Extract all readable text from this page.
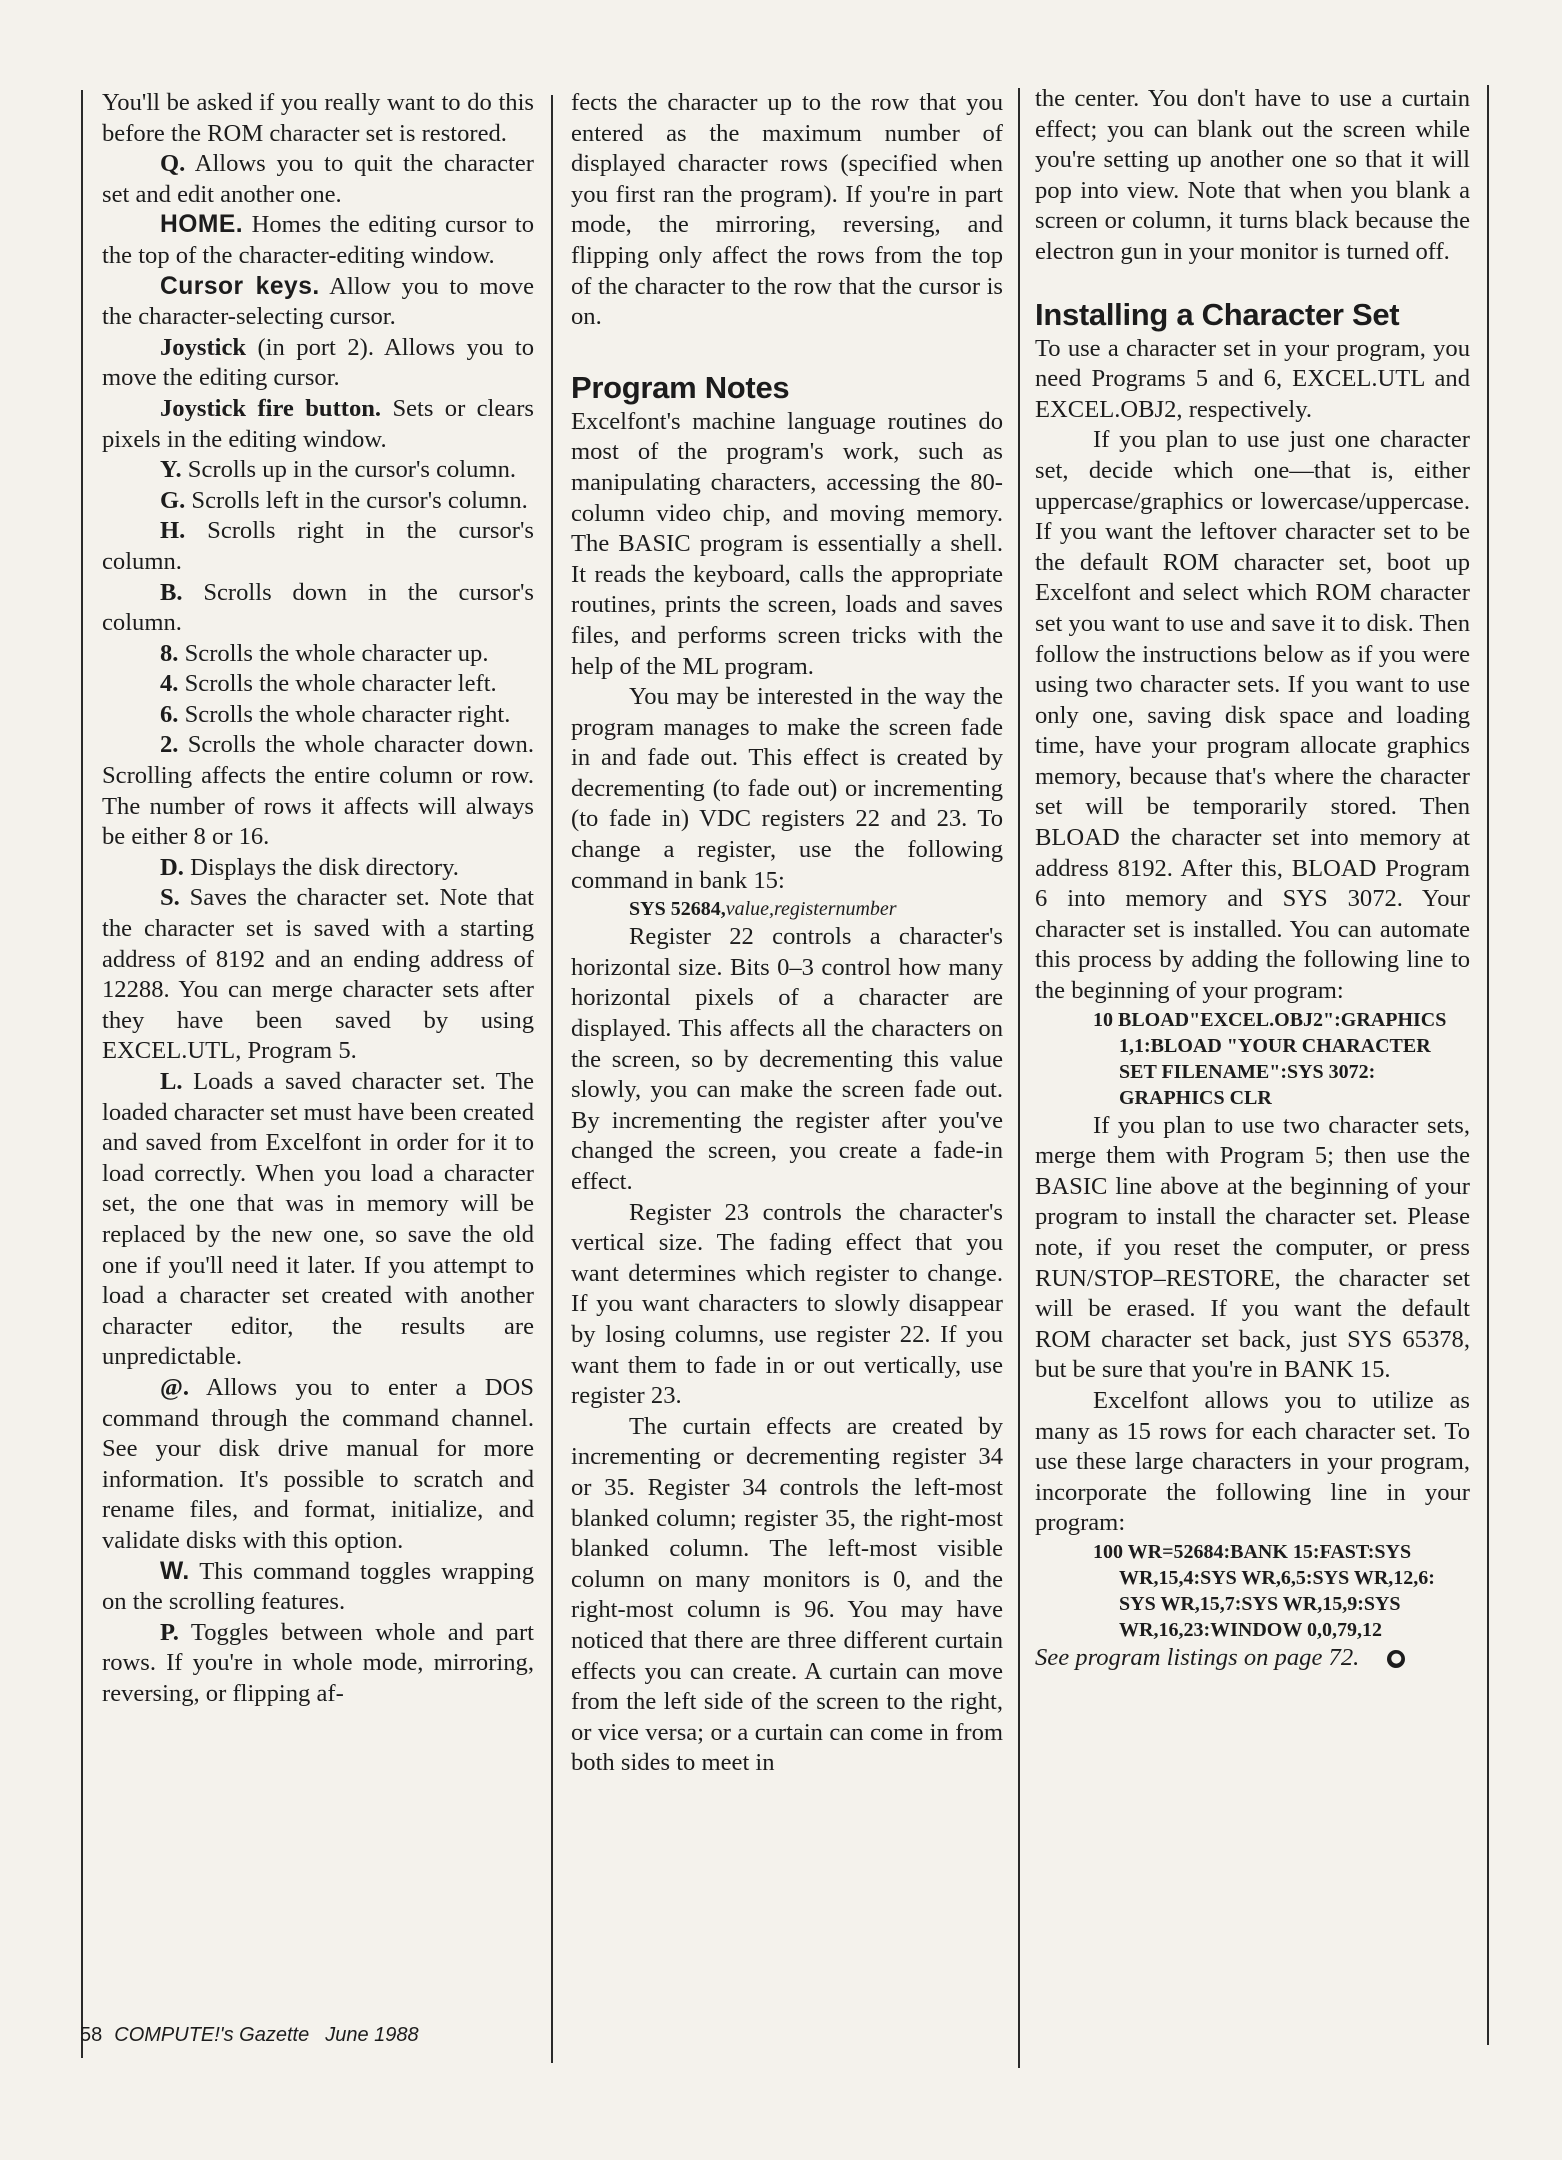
You'll be asked if you really want to do this before the ROM character set is restored.

Q. Allows you to quit the character set and edit another one.

HOME. Homes the editing cursor to the top of the character-editing window.

Cursor keys. Allow you to move the character-selecting cursor.

Joystick (in port 2). Allows you to move the editing cursor.

Joystick fire button. Sets or clears pixels in the editing window.

Y. Scrolls up in the cursor's column.

G. Scrolls left in the cursor's column.

H. Scrolls right in the cursor's column.

B. Scrolls down in the cursor's column.

8. Scrolls the whole character up.

4. Scrolls the whole character left.

6. Scrolls the whole character right.

2. Scrolls the whole character down. Scrolling affects the entire column or row. The number of rows it affects will always be either 8 or 16.

D. Displays the disk directory.

S. Saves the character set. Note that the character set is saved with a starting address of 8192 and an ending address of 12288. You can merge character sets after they have been saved by using EXCEL.UTL, Program 5.

L. Loads a saved character set. The loaded character set must have been created and saved from Excelfont in order for it to load correctly. When you load a character set, the one that was in memory will be replaced by the new one, so save the old one if you'll need it later. If you attempt to load a character set created with another character editor, the results are unpredictable.

@. Allows you to enter a DOS command through the command channel. See your disk drive manual for more information. It's possible to scratch and rename files, and format, initialize, and validate disks with this option.

W. This command toggles wrapping on the scrolling features.

P. Toggles between whole and part rows. If you're in whole mode, mirroring, reversing, or flipping af-

fects the character up to the row that you entered as the maximum number of displayed character rows (specified when you first ran the program). If you're in part mode, the mirroring, reversing, and flipping only affect the rows from the top of the character to the row that the cursor is on.

Program Notes

Excelfont's machine language routines do most of the program's work, such as manipulating characters, accessing the 80-column video chip, and moving memory. The BASIC program is essentially a shell. It reads the keyboard, calls the appropriate routines, prints the screen, loads and saves files, and performs screen tricks with the help of the ML program.

You may be interested in the way the program manages to make the screen fade in and fade out. This effect is created by decrementing (to fade out) or incrementing (to fade in) VDC registers 22 and 23. To change a register, use the following command in bank 15:

SYS 52684,value,registernumber

Register 22 controls a character's horizontal size. Bits 0–3 control how many horizontal pixels of a character are displayed. This affects all the characters on the screen, so by decrementing this value slowly, you can make the screen fade out. By incrementing the register after you've changed the screen, you create a fade-in effect.

Register 23 controls the character's vertical size. The fading effect that you want determines which register to change. If you want characters to slowly disappear by losing columns, use register 22. If you want them to fade in or out vertically, use register 23.

The curtain effects are created by incrementing or decrementing register 34 or 35. Register 34 controls the left-most blanked column; register 35, the right-most blanked column. The left-most visible column on many monitors is 0, and the right-most column is 96. You may have noticed that there are three different curtain effects you can create. A curtain can move from the left side of the screen to the right, or vice versa; or a curtain can come in from both sides to meet in

the center. You don't have to use a curtain effect; you can blank out the screen while you're setting up another one so that it will pop into view. Note that when you blank a screen or column, it turns black because the electron gun in your monitor is turned off.

Installing a Character Set

To use a character set in your program, you need Programs 5 and 6, EXCEL.UTL and EXCEL.OBJ2, respectively.

If you plan to use just one character set, decide which one—that is, either uppercase/graphics or lowercase/uppercase. If you want the leftover character set to be the default ROM character set, boot up Excelfont and select which ROM character set you want to use and save it to disk. Then follow the instructions below as if you were using two character sets. If you want to use only one, saving disk space and loading time, have your program allocate graphics memory, because that's where the character set will be temporarily stored. Then BLOAD the character set into memory at address 8192. After this, BLOAD Program 6 into memory and SYS 3072. Your character set is installed. You can automate this process by adding the following line to the beginning of your program:

10 BLOAD"EXCEL.OBJ2":GRAPHICS
1,1:BLOAD "YOUR CHARACTER
SET FILENAME":SYS 3072:
GRAPHICS CLR

If you plan to use two character sets, merge them with Program 5; then use the BASIC line above at the beginning of your program to install the character set. Please note, if you reset the computer, or press RUN/STOP–RESTORE, the character set will be erased. If you want the default ROM character set back, just SYS 65378, but be sure that you're in BANK 15.

Excelfont allows you to utilize as many as 15 rows for each character set. To use these large characters in your program, incorporate the following line in your program:

100 WR=52684:BANK 15:FAST:SYS
WR,15,4:SYS WR,6,5:SYS WR,12,6:
SYS WR,15,7:SYS WR,15,9:SYS
WR,16,23:WINDOW 0,0,79,12

See program listings on page 72. ●

58 COMPUTE!'s Gazette June 1988
